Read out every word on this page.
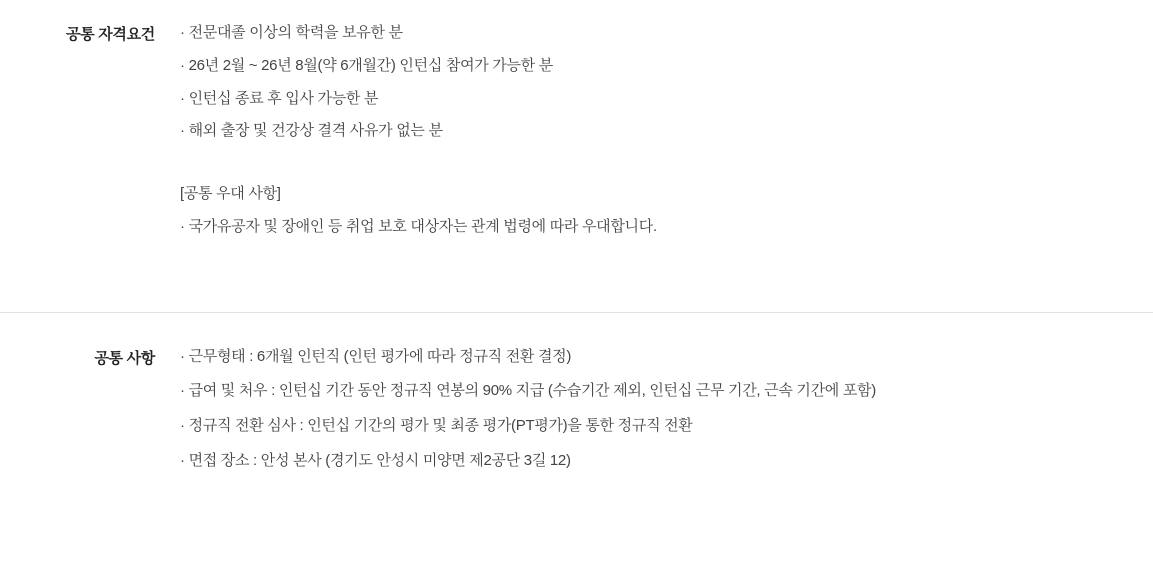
공통 자격요건	· 전문대졸 이상의 학력을 보유한 분
· 26년 2월 ~ 26년 8월(약 6개월간) 인턴십 참여가 가능한 분
· 인턴십 종료 후 입사 가능한 분
· 해외 출장 및 건강상 결격 사유가 없는 분
[공통 우대 사항]
· 국가유공자 및 장애인 등 취업 보호 대상자는 관계 법령에 따라 우대합니다.
공통 사항	· 근무형태 : 6개월 인턴직 (인턴 평가에 따라 정규직 전환 결정)
· 급여 및 처우 : 인턴십 기간 동안 정규직 연봉의 90% 지급 (수습기간 제외, 인턴십 근무 기간, 근속 기간에 포함)
· 정규직 전환 심사 : 인턴십 기간의 평가 및 최종 평가(PT평가)을 통한 정규직 전환
· 면접 장소 : 안성 본사 (경기도 안성시 미양면 제2공단 3길 12)
